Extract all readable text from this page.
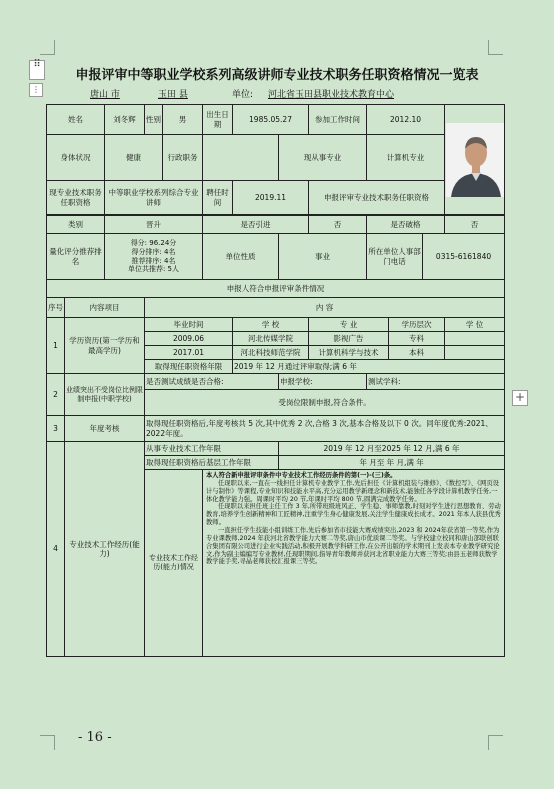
⠿
⋮
+
申报评审中等职业学校系列高级讲师专业技术职务任职资格情况一览表
唐山 市	玉田 县	单位: 河北省玉田县职业技术教育中心
姓名		刘冬辉	性别	男	出生日期	1985.05.27		参加工作时间	2012.10	

身体状况		健康		行政职务			现从事专业		计算机专业			
现专业技术职务任职资格		中等职业学校系列综合专业讲师			聘任时间	2019.11		申报评审专业技术职务任职资格				

类别		晋升			是否引进			否	是否破格			否
量化评分推荐排名		得分: 96.24分
得分排序: 4名
推荐排序: 4名
单位共推荐: 5人			单位性质		事业		所在单位人事部门电话		0315-6161840	
申报人符合申报评审条件情况												
序号	内容项目		内 容									
1	学历资历(第一学历和最高学历)		毕业时间			学 校		专 业		学历层次		学 位
			2009.06			河北传媒学院		影视广告		专科		
			2017.01			河北科技师范学院		计算机科学与技术		本科		
			取得现任职资格年限			2019 年 12 月通过评审取得;满 6 年						
2	业绩突出不受岗位比例限制申报(中职学校)		是否测试成绩是否合格:				申报学校:		测试学科:			
			受岗位限制申报,符合条件。									
3	年度考核		取得现任职资格后,年度考核共 5 次,其中优秀 2 次,合格 3 次,基本合格及以下 0 次。同年度优秀:2021、2022年度。									
4	专业技术工作经历(能力)		从事专业技术工作年限				2019 年 12 月至2025 年 12 月,满 6 年					
			取得现任职资格后基层工作年限				年 月至 年 月,满 年					
			专业技术工作经历(能力)情况		本人符合新申报评审条件中专业技术工作经历条件的第(一)-(三)条。

任现职以来,一直在一线担任计算机专业教学工作,先后担任《计算机组装与维修》、《数控写》、《网页设计与制作》等课程,专业知识和技能水平高,充分运用教学新理念和新技术,能独任各学段计算机教学任务,一体化教学能力强。周课时平均 20 节,年课时平均 800 节,圆满完成教学任务。

任现职以来担任班主任工作 3 年,所带班级班风正、学生稳、事师靠教,时刻对学生进行思想教育、劳动教育,培养学生创新精神和工匠精神,注重学生身心健康发展,关注学生健康成长成才。2021 年本人获县优秀教师。

一直担任学生技能小组训练工作,先后参加省市技能大赛成绩突出,2023 和 2024年获省第一等奖,作为专业课教师,2024 年获河北省教学能力大赛二等奖,唐山市优质课二等奖。与学校建立校同和唐山部联创联合集团有限公司进行企业实践活动,积极开展教学科研工作,在公开出版的学术期刊上发表本专业教学研究论文,作为副主编编写专业教材,任现职期间,指导青年教师并获河北省职业能力大赛三等奖;由县玉老师获数学教学能手奖,寻晶老师获校汇报课三等奖。							

- 16 -
